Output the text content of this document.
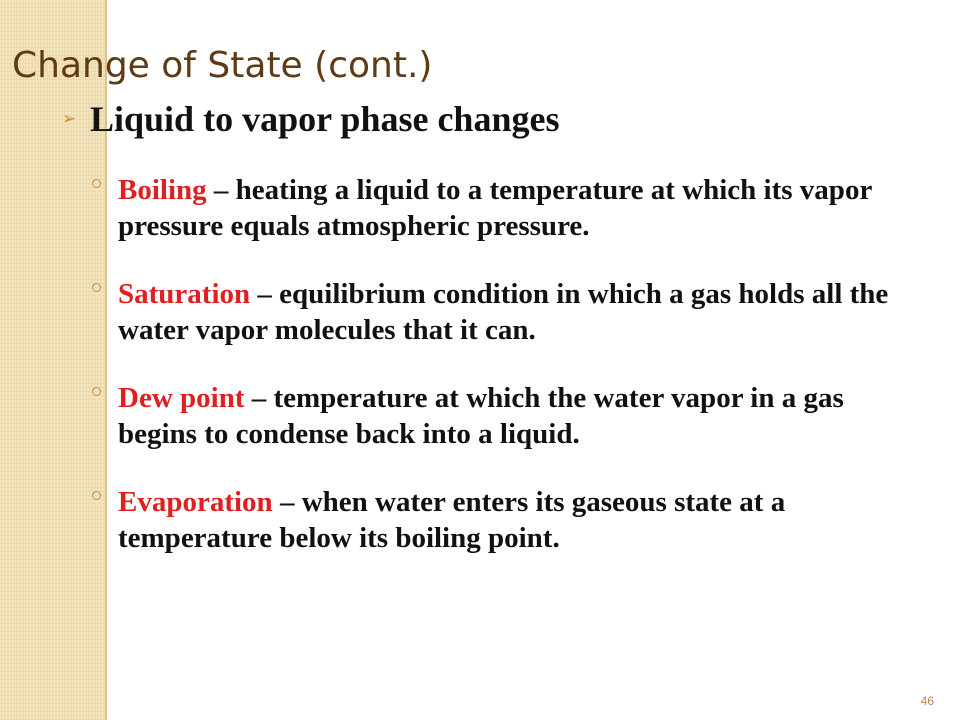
Change of State (cont.)
➢ Liquid to vapor phase changes
Boiling – heating a liquid to a temperature at which its vapor pressure equals atmospheric pressure.
Saturation – equilibrium condition in which a gas holds all the water vapor molecules that it can.
Dew point – temperature at which the water vapor in a gas begins to condense back into a liquid.
Evaporation – when water enters its gaseous state at a temperature below its boiling point.
46
